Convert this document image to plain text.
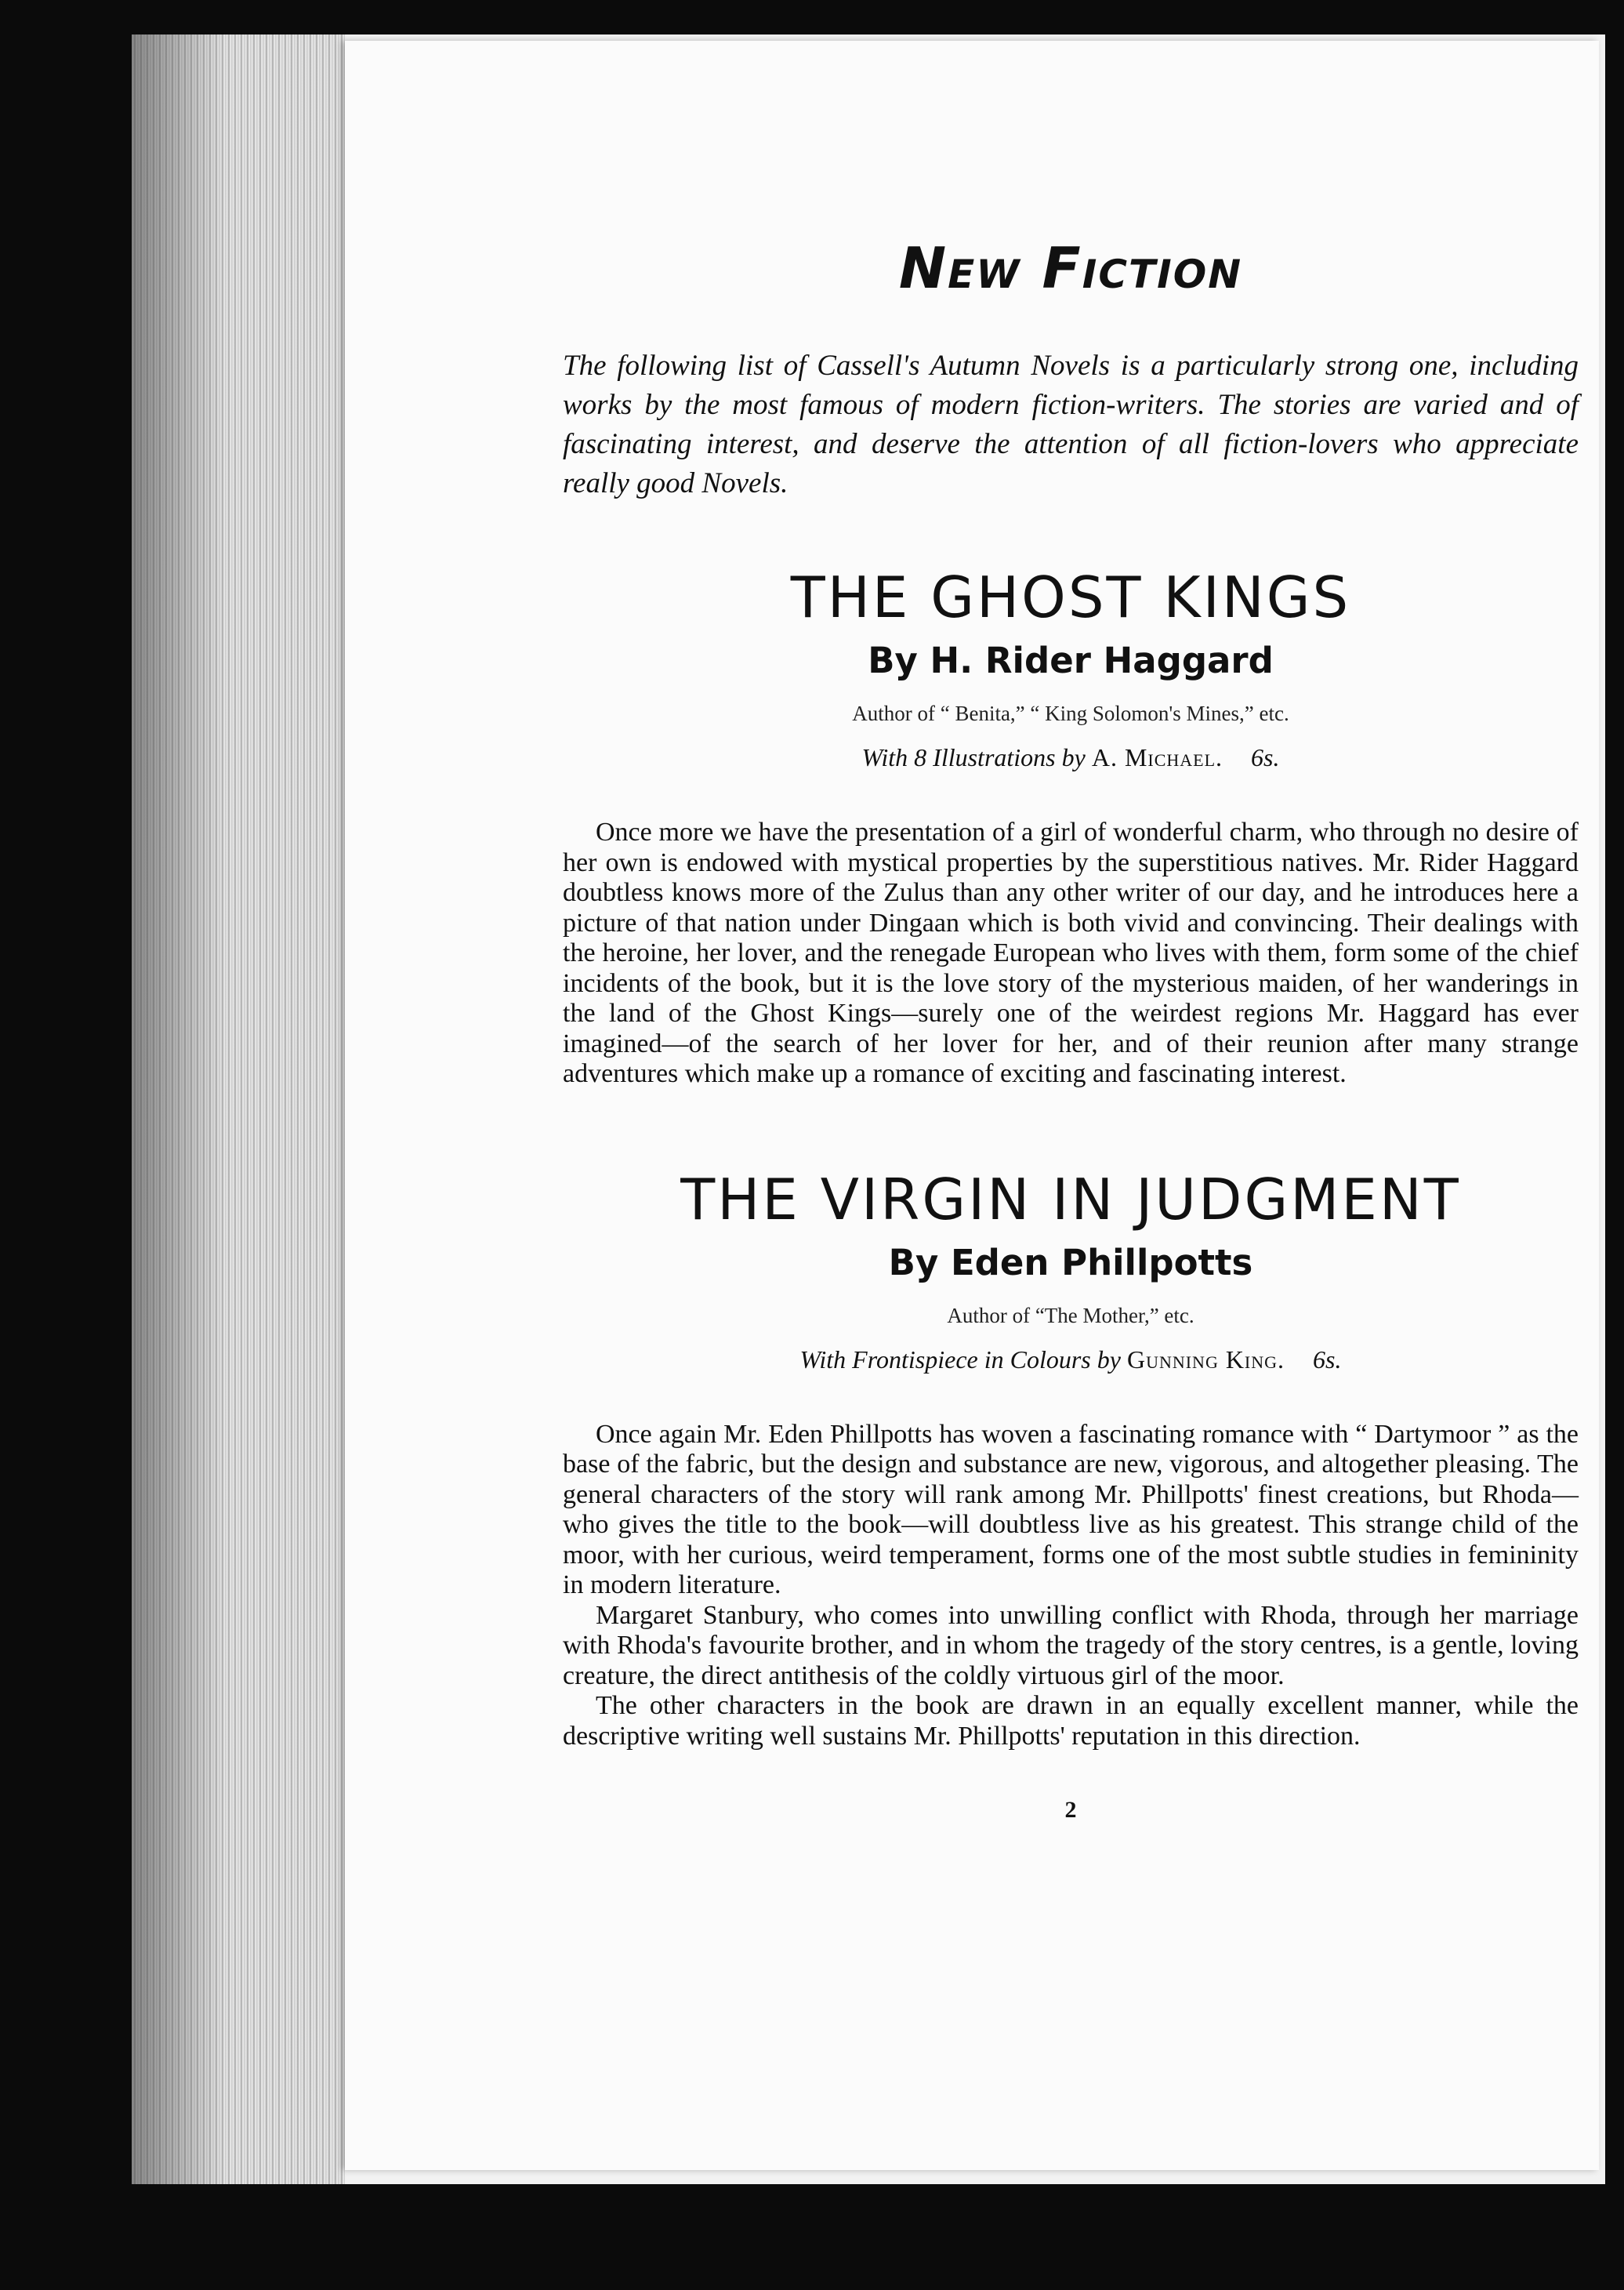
New Fiction
The following list of Cassell's Autumn Novels is a particularly strong one, including works by the most famous of modern fiction-writers. The stories are varied and of fascinating interest, and deserve the attention of all fiction-lovers who appreciate really good Novels.
THE GHOST KINGS
By H. Rider Haggard
Author of “ Benita,” “ King Solomon's Mines,” etc.
With 8 Illustrations by A. Michael. 6s.

Once more we have the presentation of a girl of wonderful charm, who through no desire of her own is endowed with mystical properties by the superstitious natives. Mr. Rider Haggard doubtless knows more of the Zulus than any other writer of our day, and he introduces here a picture of that nation under Dingaan which is both vivid and convincing. Their dealings with the heroine, her lover, and the renegade European who lives with them, form some of the chief incidents of the book, but it is the love story of the mysterious maiden, of her wanderings in the land of the Ghost Kings—surely one of the weirdest regions Mr. Haggard has ever imagined—of the search of her lover for her, and of their reunion after many strange adventures which make up a romance of exciting and fascinating interest.

THE VIRGIN IN JUDGMENT
By Eden Phillpotts
Author of “The Mother,” etc.
With Frontispiece in Colours by Gunning King. 6s.

Once again Mr. Eden Phillpotts has woven a fascinating romance with “ Dartymoor ” as the base of the fabric, but the design and substance are new, vigorous, and altogether pleasing. The general characters of the story will rank among Mr. Phillpotts' finest creations, but Rhoda—who gives the title to the book—will doubtless live as his greatest. This strange child of the moor, with her curious, weird temperament, forms one of the most subtle studies in femininity in modern literature.

Margaret Stanbury, who comes into unwilling conflict with Rhoda, through her marriage with Rhoda's favourite brother, and in whom the tragedy of the story centres, is a gentle, loving creature, the direct antithesis of the coldly virtuous girl of the moor.

The other characters in the book are drawn in an equally excellent manner, while the descriptive writing well sustains Mr. Phillpotts' reputation in this direction.

2
